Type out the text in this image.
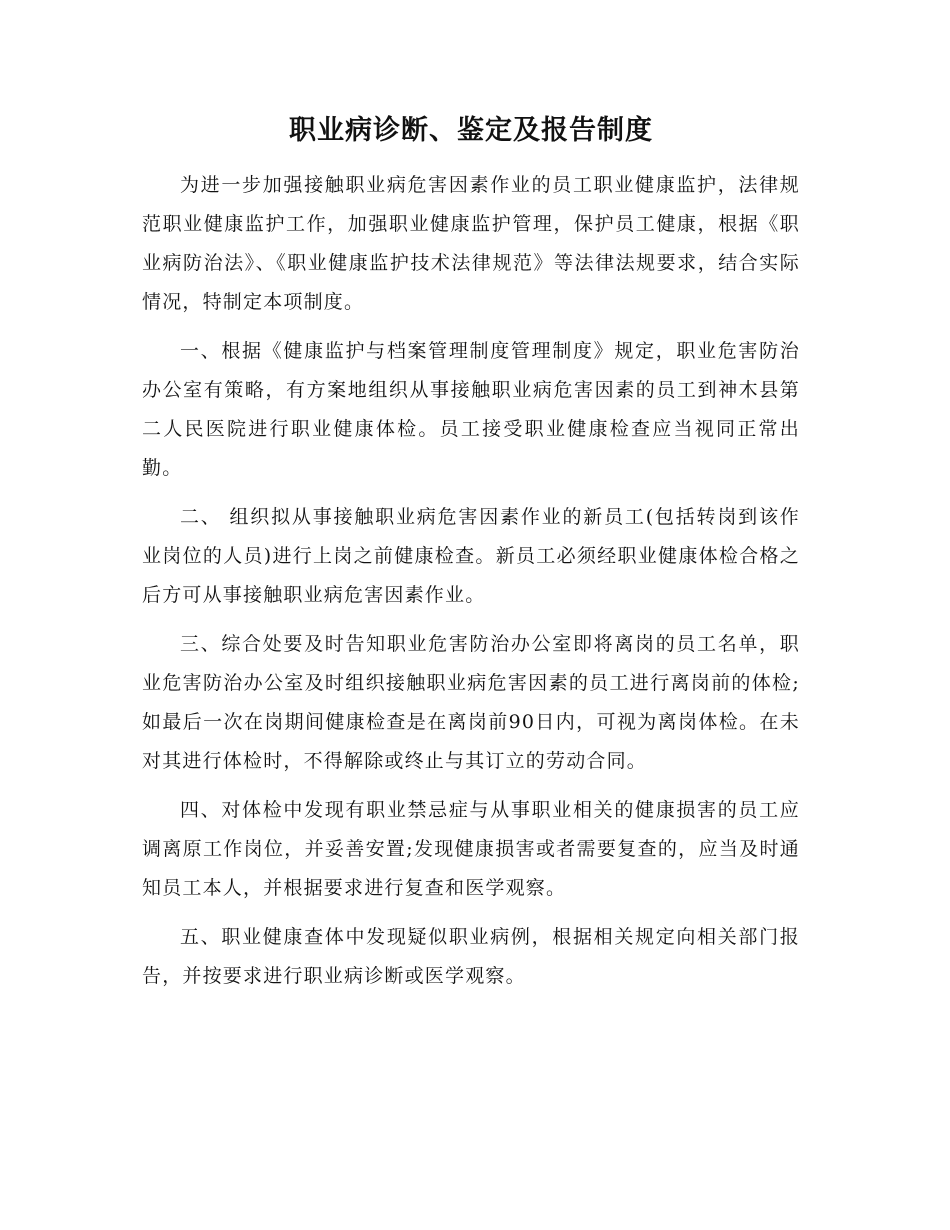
职业病诊断、鉴定及报告制度

为进一步加强接触职业病危害因素作业的员工职业健康监护，法律规范职业健康监护工作，加强职业健康监护管理，保护员工健康，根据《职业病防治法》、《职业健康监护技术法律规范》等法律法规要求，结合实际情况，特制定本项制度。

一、根据《健康监护与档案管理制度管理制度》规定，职业危害防治办公室有策略，有方案地组织从事接触职业病危害因素的员工到神木县第二人民医院进行职业健康体检。员工接受职业健康检查应当视同正常出勤。

二、 组织拟从事接触职业病危害因素作业的新员工(包括转岗到该作业岗位的人员)进行上岗之前健康检查。新员工必须经职业健康体检合格之后方可从事接触职业病危害因素作业。

三、综合处要及时告知职业危害防治办公室即将离岗的员工名单，职业危害防治办公室及时组织接触职业病危害因素的员工进行离岗前的体检;如最后一次在岗期间健康检查是在离岗前90日内，可视为离岗体检。在未对其进行体检时，不得解除或终止与其订立的劳动合同。

四、对体检中发现有职业禁忌症与从事职业相关的健康损害的员工应调离原工作岗位，并妥善安置;发现健康损害或者需要复查的，应当及时通知员工本人，并根据要求进行复查和医学观察。

五、职业健康查体中发现疑似职业病例，根据相关规定向相关部门报告，并按要求进行职业病诊断或医学观察。
